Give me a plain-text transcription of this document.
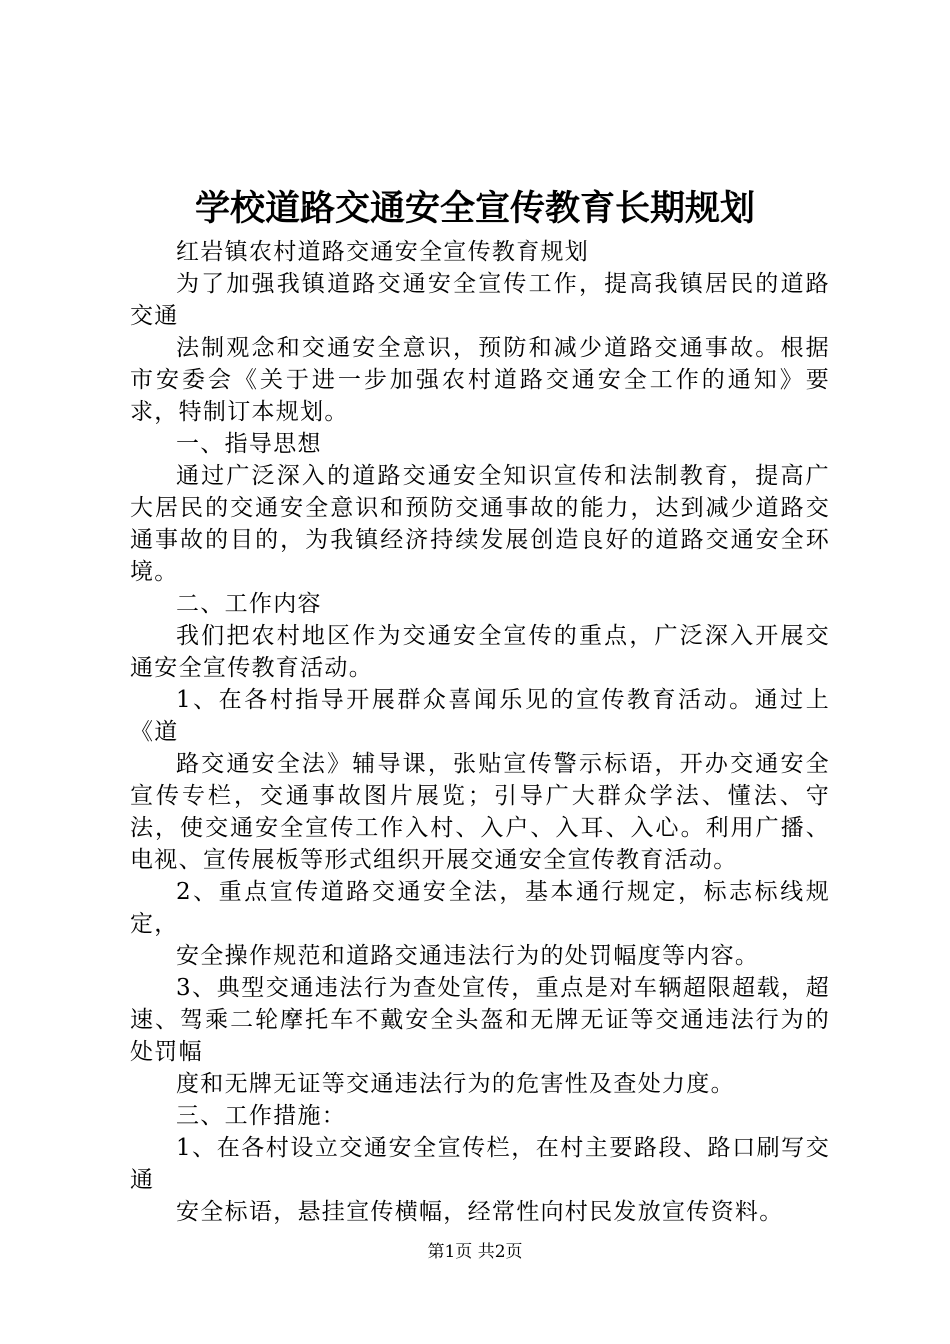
学校道路交通安全宣传教育长期规划

红岩镇农村道路交通安全宣传教育规划

为了加强我镇道路交通安全宣传工作，提高我镇居民的道路交通

法制观念和交通安全意识，预防和减少道路交通事故。根据市安委会《关于进一步加强农村道路交通安全工作的通知》要求，特制订本规划。

一、指导思想

通过广泛深入的道路交通安全知识宣传和法制教育，提高广大居民的交通安全意识和预防交通事故的能力，达到减少道路交通事故的目的，为我镇经济持续发展创造良好的道路交通安全环境。

二、工作内容

我们把农村地区作为交通安全宣传的重点，广泛深入开展交通安全宣传教育活动。

1、在各村指导开展群众喜闻乐见的宣传教育活动。通过上《道

路交通安全法》辅导课，张贴宣传警示标语，开办交通安全宣传专栏，交通事故图片展览；引导广大群众学法、懂法、守法，使交通安全宣传工作入村、入户、入耳、入心。利用广播、电视、宣传展板等形式组织开展交通安全宣传教育活动。

2、重点宣传道路交通安全法，基本通行规定，标志标线规定，

安全操作规范和道路交通违法行为的处罚幅度等内容。

3、典型交通违法行为查处宣传，重点是对车辆超限超载，超速、驾乘二轮摩托车不戴安全头盔和无牌无证等交通违法行为的处罚幅

度和无牌无证等交通违法行为的危害性及查处力度。

三、工作措施：

1、在各村设立交通安全宣传栏，在村主要路段、路口刷写交通

安全标语，悬挂宣传横幅，经常性向村民发放宣传资料。

第1页 共2页
